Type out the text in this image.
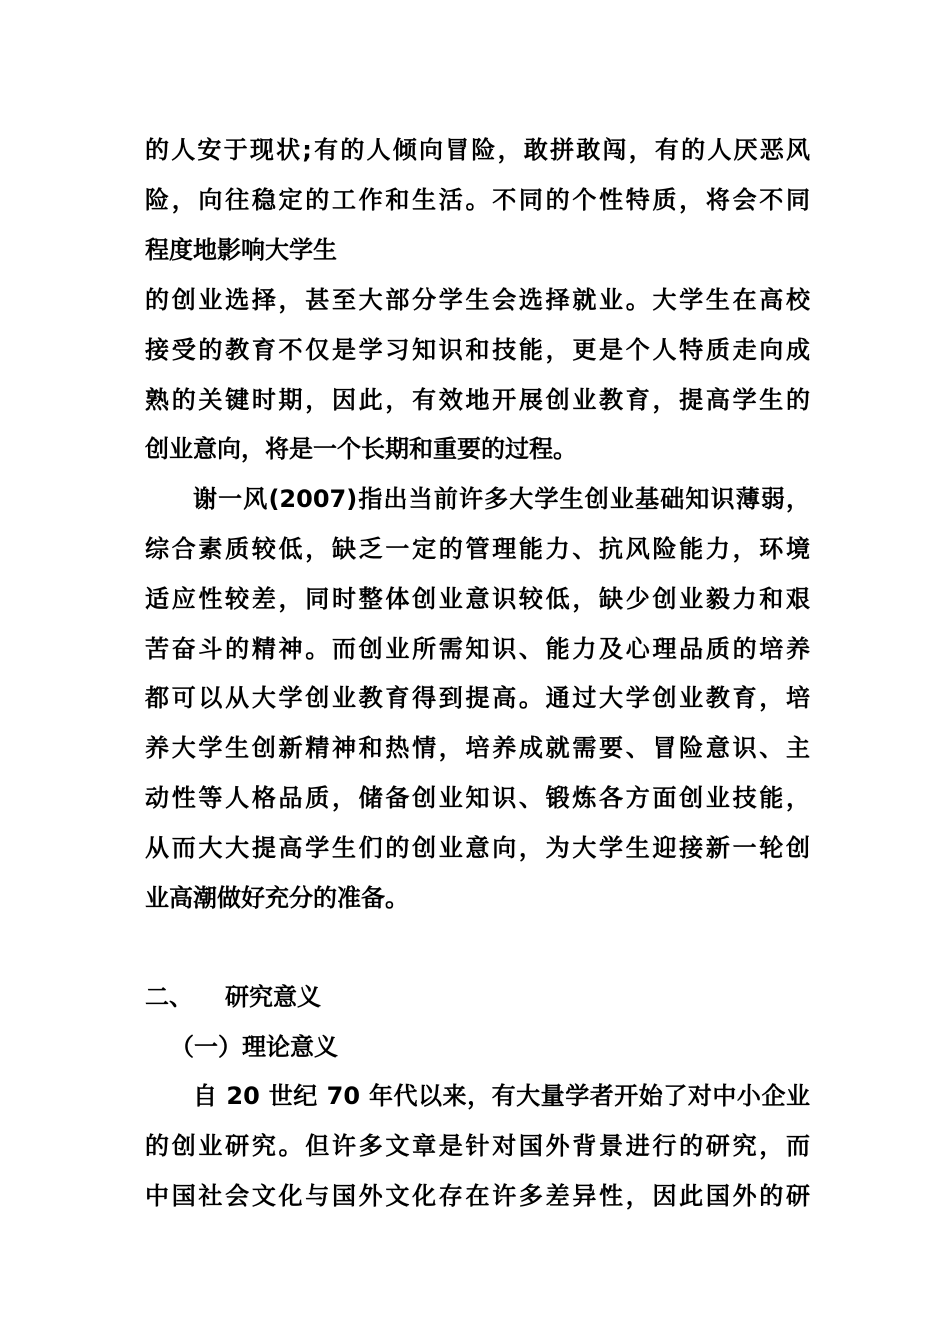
的人安于现状;有的人倾向冒险，敢拼敢闯，有的人厌恶风
险，向往稳定的工作和生活。不同的个性特质，将会不同
程度地影响大学生
的创业选择，甚至大部分学生会选择就业。大学生在高校
接受的教育不仅是学习知识和技能，更是个人特质走向成
熟的关键时期，因此，有效地开展创业教育，提高学生的
创业意向，将是一个长期和重要的过程。
谢一风(2007)指出当前许多大学生创业基础知识薄弱，
综合素质较低，缺乏一定的管理能力、抗风险能力，环境
适应性较差，同时整体创业意识较低，缺少创业毅力和艰
苦奋斗的精神。而创业所需知识、能力及心理品质的培养
都可以从大学创业教育得到提高。通过大学创业教育，培
养大学生创新精神和热情，培养成就需要、冒险意识、主
动性等人格品质，储备创业知识、锻炼各方面创业技能，
从而大大提高学生们的创业意向，为大学生迎接新一轮创
业高潮做好充分的准备。
二、 研究意义
（一）理论意义
自 20 世纪 70 年代以来，有大量学者开始了对中小企业
的创业研究。但许多文章是针对国外背景进行的研究，而
中国社会文化与国外文化存在许多差异性，因此国外的研
